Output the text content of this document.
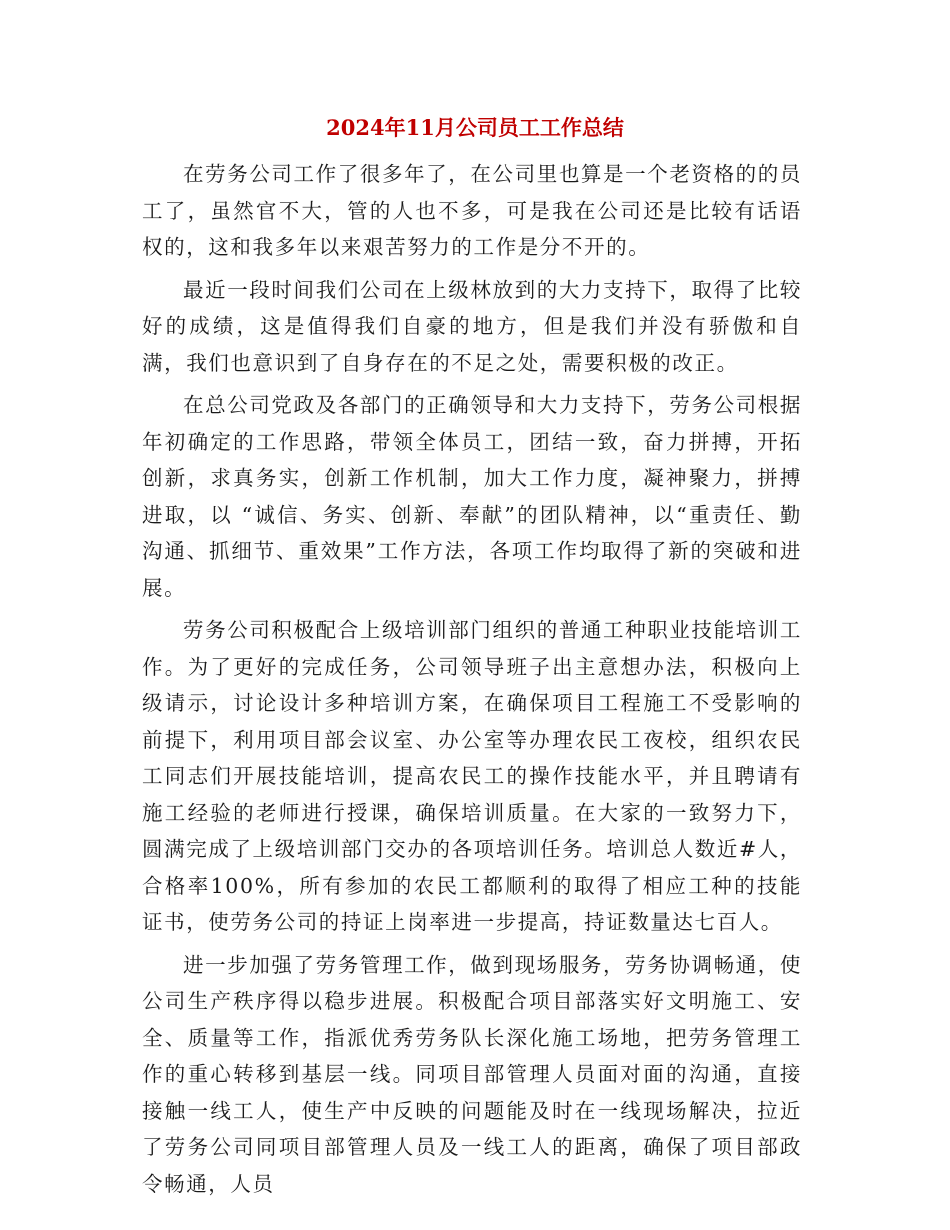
2024年11月公司员工工作总结

在劳务公司工作了很多年了，在公司里也算是一个老资格的的员工了，虽然官不大，管的人也不多，可是我在公司还是比较有话语权的，这和我多年以来艰苦努力的工作是分不开的。

最近一段时间我们公司在上级林放到的大力支持下，取得了比较好的成绩，这是值得我们自豪的地方，但是我们并没有骄傲和自满，我们也意识到了自身存在的不足之处，需要积极的改正。

在总公司党政及各部门的正确领导和大力支持下，劳务公司根据年初确定的工作思路，带领全体员工，团结一致，奋力拼搏，开拓创新，求真务实，创新工作机制，加大工作力度，凝神聚力，拼搏进取，以 “诚信、务实、创新、奉献”的团队精神，以“重责任、勤沟通、抓细节、重效果”工作方法，各项工作均取得了新的突破和进展。

劳务公司积极配合上级培训部门组织的普通工种职业技能培训工作。为了更好的完成任务，公司领导班子出主意想办法，积极向上级请示，讨论设计多种培训方案，在确保项目工程施工不受影响的前提下，利用项目部会议室、办公室等办理农民工夜校，组织农民工同志们开展技能培训，提高农民工的操作技能水平，并且聘请有施工经验的老师进行授课，确保培训质量。在大家的一致努力下，圆满完成了上级培训部门交办的各项培训任务。培训总人数近#人，合格率100%，所有参加的农民工都顺利的取得了相应工种的技能证书，使劳务公司的持证上岗率进一步提高，持证数量达七百人。

进一步加强了劳务管理工作，做到现场服务，劳务协调畅通，使公司生产秩序得以稳步进展。积极配合项目部落实好文明施工、安全、质量等工作，指派优秀劳务队长深化施工场地，把劳务管理工作的重心转移到基层一线。同项目部管理人员面对面的沟通，直接接触一线工人，使生产中反映的问题能及时在一线现场解决，拉近了劳务公司同项目部管理人员及一线工人的距离，确保了项目部政令畅通，人员
